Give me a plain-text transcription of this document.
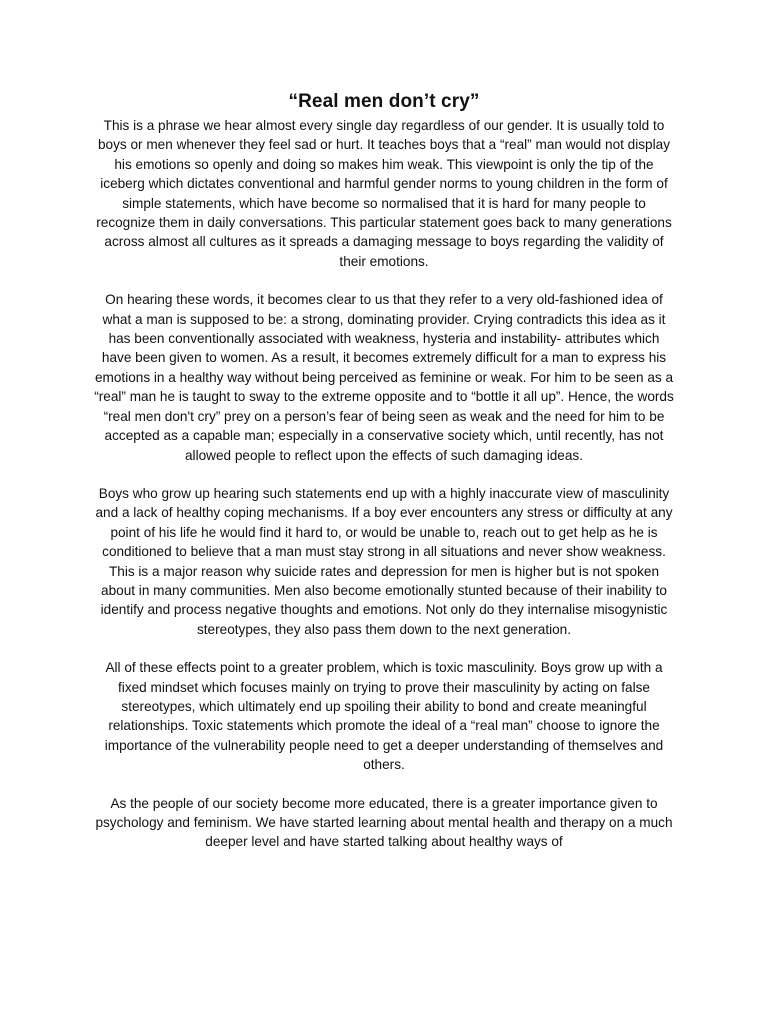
“Real men don’t cry”

This is a phrase we hear almost every single day regardless of our gender. It is usually told to boys or men whenever they feel sad or hurt. It teaches boys that a “real” man would not display his emotions so openly and doing so makes him weak. This viewpoint is only the tip of the iceberg which dictates conventional and harmful gender norms to young children in the form of simple statements, which have become so normalised that it is hard for many people to recognize them in daily conversations. This particular statement goes back to many generations across almost all cultures as it spreads a damaging message to boys regarding the validity of their emotions.

On hearing these words, it becomes clear to us that they refer to a very old-fashioned idea of what a man is supposed to be: a strong, dominating provider. Crying contradicts this idea as it has been conventionally associated with weakness, hysteria and instability- attributes which have been given to women. As a result, it becomes extremely difficult for a man to express his emotions in a healthy way without being perceived as feminine or weak. For him to be seen as a “real” man he is taught to sway to the extreme opposite and to “bottle it all up”. Hence, the words “real men don't cry” prey on a person’s fear of being seen as weak and the need for him to be accepted as a capable man; especially in a conservative society which, until recently, has not allowed people to reflect upon the effects of such damaging ideas.

Boys who grow up hearing such statements end up with a highly inaccurate view of masculinity and a lack of healthy coping mechanisms. If a boy ever encounters any stress or difficulty at any point of his life he would find it hard to, or would be unable to, reach out to get help as he is conditioned to believe that a man must stay strong in all situations and never show weakness. This is a major reason why suicide rates and depression for men is higher but is not spoken about in many communities. Men also become emotionally stunted because of their inability to identify and process negative thoughts and emotions. Not only do they internalise misogynistic stereotypes, they also pass them down to the next generation.

All of these effects point to a greater problem, which is toxic masculinity. Boys grow up with a fixed mindset which focuses mainly on trying to prove their masculinity by acting on false stereotypes, which ultimately end up spoiling their ability to bond and create meaningful relationships. Toxic statements which promote the ideal of a “real man” choose to ignore the importance of the vulnerability people need to get a deeper understanding of themselves and others.

As the people of our society become more educated, there is a greater importance given to psychology and feminism. We have started learning about mental health and therapy on a much deeper level and have started talking about healthy ways of
